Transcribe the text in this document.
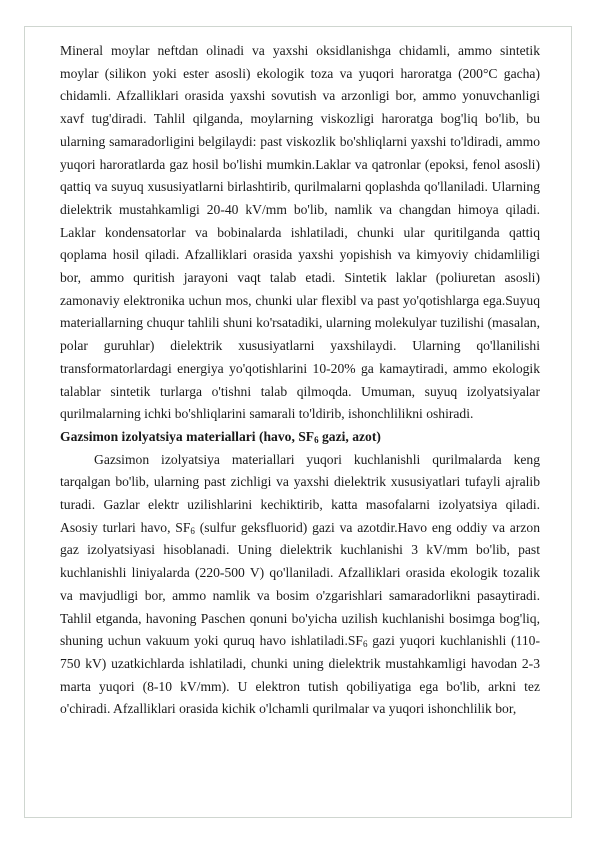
Mineral moylar neftdan olinadi va yaxshi oksidlanishga chidamli, ammo sintetik moylar (silikon yoki ester asosli) ekologik toza va yuqori haroratga (200°C gacha) chidamli. Afzalliklari orasida yaxshi sovutish va arzonligi bor, ammo yonuvchanligi xavf tug'diradi. Tahlil qilganda, moylarning viskozligi haroratga bog'liq bo'lib, bu ularning samaradorligini belgilaydi: past viskozlik bo'shliqlarni yaxshi to'ldiradi, ammo yuqori haroratlarda gaz hosil bo'lishi mumkin.Laklar va qatronlar (epoksi, fenol asosli) qattiq va suyuq xususiyatlarni birlashtirib, qurilmalarni qoplashda qo'llaniladi. Ularning dielektrik mustahkamligi 20-40 kV/mm bo'lib, namlik va changdan himoya qiladi. Laklar kondensatorlar va bobinalarda ishlatiladi, chunki ular quritilganda qattiq qoplama hosil qiladi. Afzalliklari orasida yaxshi yopishish va kimyoviy chidamliligi bor, ammo quritish jarayoni vaqt talab etadi. Sintetik laklar (poliuretan asosli) zamonaviy elektronika uchun mos, chunki ular flexibl va past yo'qotishlarga ega.Suyuq materiallarning chuqur tahlili shuni ko'rsatadiki, ularning molekulyar tuzilishi (masalan, polar guruhlar) dielektrik xususiyatlarni yaxshilaydi. Ularning qo'llanilishi transformatorlardagi energiya yo'qotishlarini 10-20% ga kamaytiradi, ammo ekologik talablar sintetik turlarga o'tishni talab qilmoqda. Umuman, suyuq izolyatsiyalar qurilmalarning ichki bo'shliqlarini samarali to'ldirib, ishonchlilikni oshiradi.

Gazsimon izolyatsiya materiallari (havo, $SF_6$ gazi, azot)

Gazsimon izolyatsiya materiallari yuqori kuchlanishli qurilmalarda keng tarqalgan bo'lib, ularning past zichligi va yaxshi dielektrik xususiyatlari tufayli ajralib turadi. Gazlar elektr uzilishlarini kechiktirib, katta masofalarni izolyatsiya qiladi. Asosiy turlari havo, $SF_6$ (sulfur geksfluorid) gazi va azotdir.Havo eng oddiy va arzon gaz izolyatsiyasi hisoblanadi. Uning dielektrik kuchlanishi 3 kV/mm bo'lib, past kuchlanishli liniyalarda (220-500 V) qo'llaniladi. Afzalliklari orasida ekologik tozalik va mavjudligi bor, ammo namlik va bosim o'zgarishlari samaradorlikni pasaytiradi. Tahlil etganda, havoning Paschen qonuni bo'yicha uzilish kuchlanishi bosimga bog'liq, shuning uchun vakuum yoki quruq havo $ishlatiladi.SF_6$ gazi yuqori kuchlanishli (110-750 kV) uzatkichlarda ishlatiladi, chunki uning dielektrik mustahkamligi havodan 2-3 marta yuqori (8-10 kV/mm). U elektron tutish qobiliyatiga ega bo'lib, arkni tez o'chiradi. Afzalliklari orasida kichik o'lchamli qurilmalar va yuqori ishonchlilik bor,
